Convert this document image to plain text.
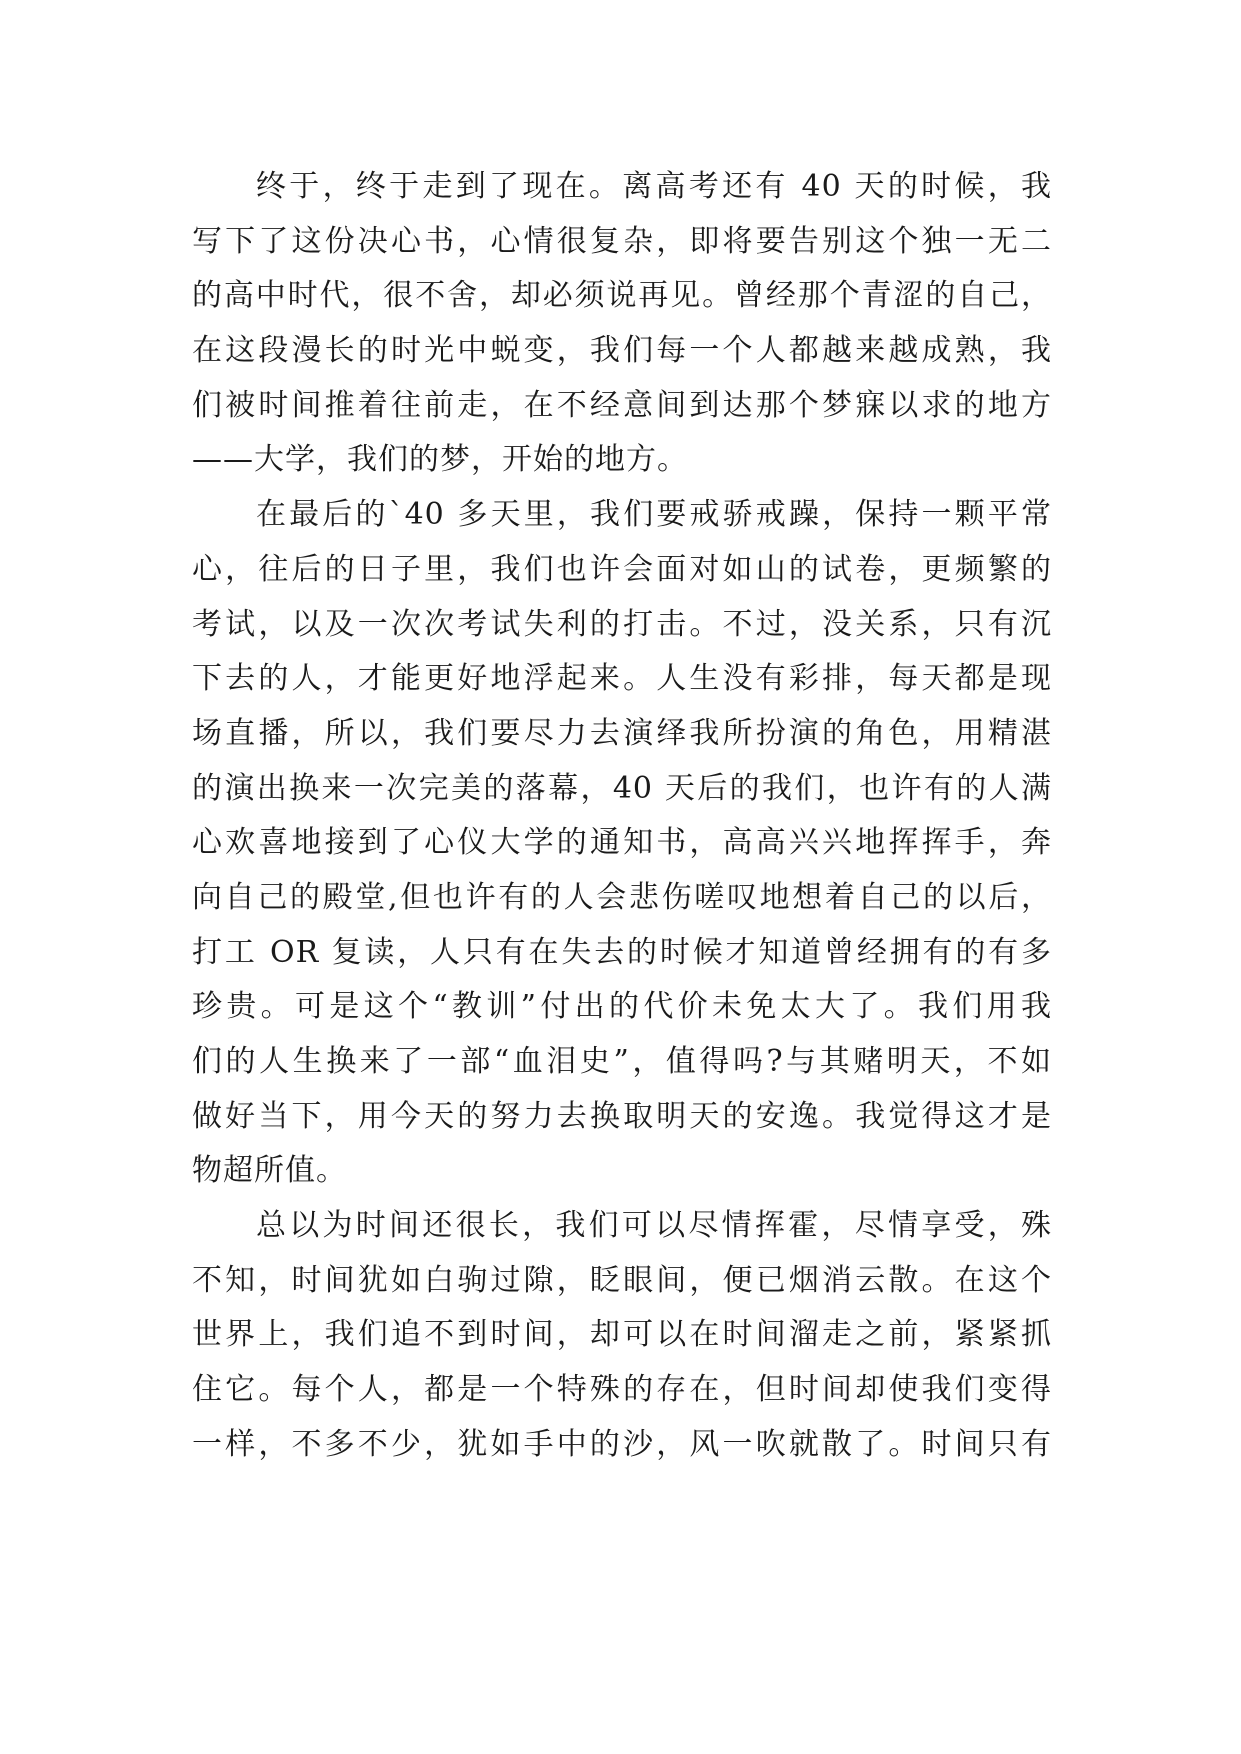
终于，终于走到了现在。离高考还有 40 天的时候，我
写下了这份决心书，心情很复杂，即将要告别这个独一无二
的高中时代，很不舍，却必须说再见。曾经那个青涩的自己，
在这段漫长的时光中蜕变，我们每一个人都越来越成熟，我
们被时间推着往前走，在不经意间到达那个梦寐以求的地方
——大学，我们的梦，开始的地方。
在最后的`40 多天里，我们要戒骄戒躁，保持一颗平常
心，往后的日子里，我们也许会面对如山的试卷，更频繁的
考试，以及一次次考试失利的打击。不过，没关系，只有沉
下去的人，才能更好地浮起来。人生没有彩排，每天都是现
场直播，所以，我们要尽力去演绎我所扮演的角色，用精湛
的演出换来一次完美的落幕，40 天后的我们，也许有的人满
心欢喜地接到了心仪大学的通知书，高高兴兴地挥挥手，奔
向自己的殿堂,但也许有的人会悲伤嗟叹地想着自己的以后，
打工 OR 复读，人只有在失去的时候才知道曾经拥有的有多
珍贵。可是这个“教训”付出的代价未免太大了。我们用我
们的人生换来了一部“血泪史”，值得吗?与其赌明天，不如
做好当下，用今天的努力去换取明天的安逸。我觉得这才是
物超所值。
总以为时间还很长，我们可以尽情挥霍，尽情享受，殊
不知，时间犹如白驹过隙，眨眼间，便已烟消云散。在这个
世界上，我们追不到时间，却可以在时间溜走之前，紧紧抓
住它。每个人，都是一个特殊的存在，但时间却使我们变得
一样，不多不少，犹如手中的沙，风一吹就散了。时间只有
